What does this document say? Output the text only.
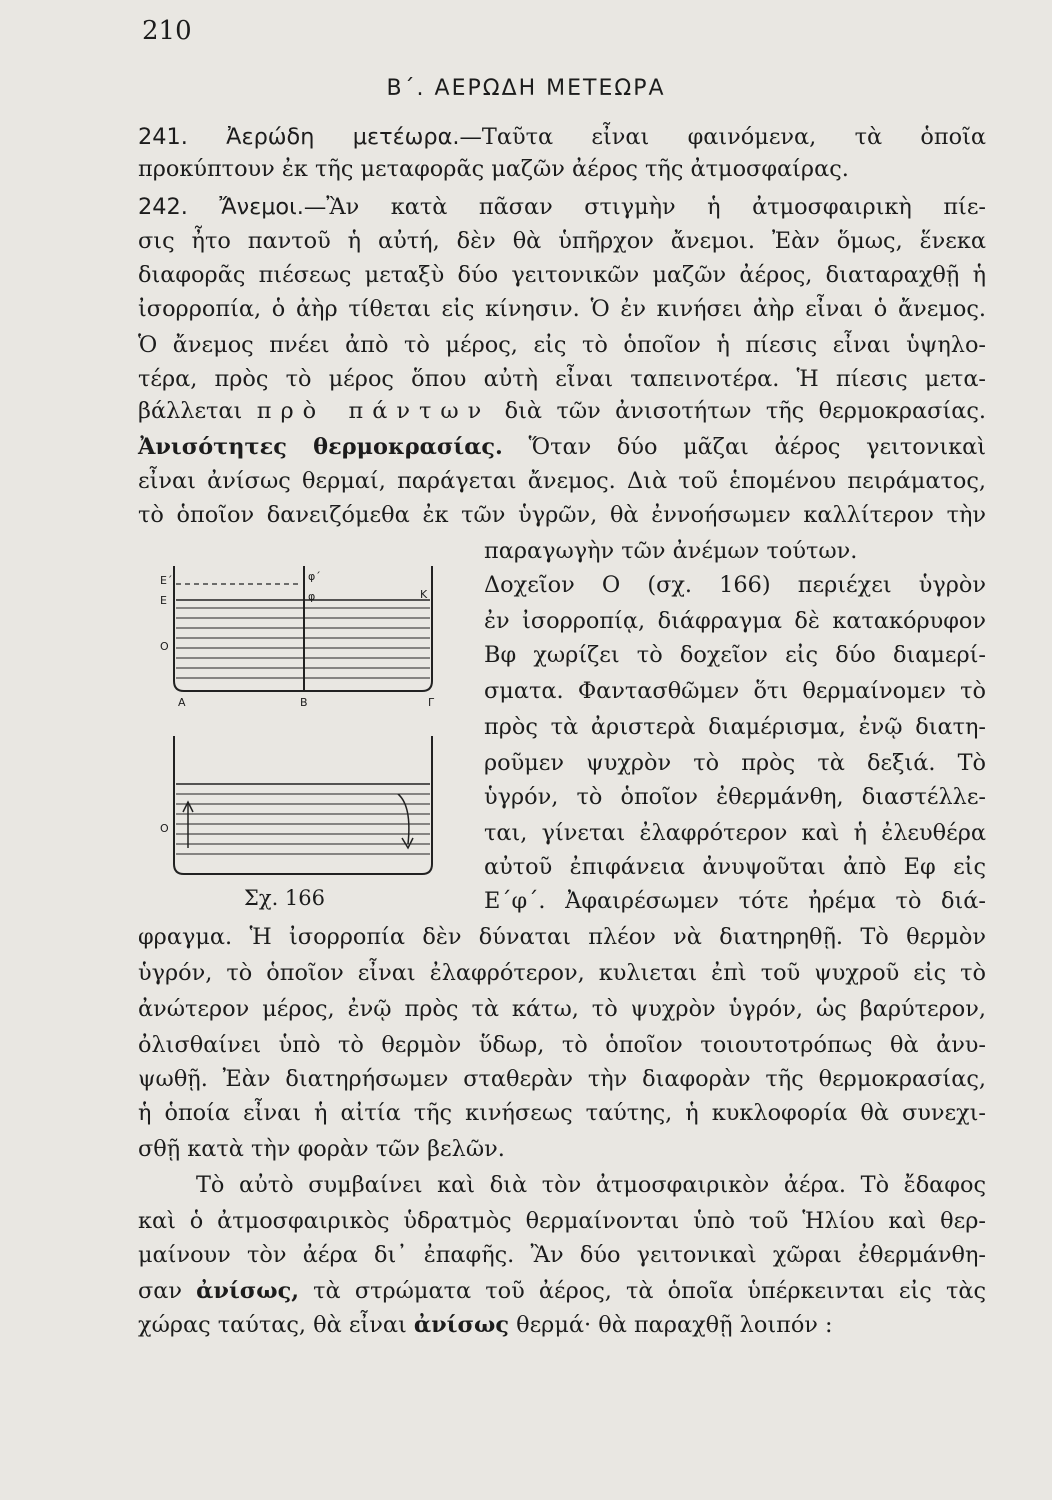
210
Β΄. ΑΕΡΩΔΗ ΜΕΤΕΩΡΑ
241. Ἀερώδη μετέωρα.—Ταῦτα εἶναι φαινόμενα, τὰ ὁποῖα
προκύπτουν ἐκ τῆς μεταφορᾶς μαζῶν ἀέρος τῆς ἀτμοσφαίρας.
242. Ἄνεμοι.—Ἂν κατὰ πᾶσαν στιγμὴν ἡ ἀτμοσφαιρικὴ πίε-
σις ἦτο παντοῦ ἡ αὐτή, δὲν θὰ ὑπῆρχον ἄνεμοι. Ἐὰν ὅμως, ἕνεκα
διαφορᾶς πιέσεως μεταξὺ δύο γειτονικῶν μαζῶν ἀέρος, διαταραχθῇ ἡ
ἰσορροπία, ὁ ἀὴρ τίθεται εἰς κίνησιν. Ὁ ἐν κινήσει ἀὴρ εἶναι ὁ ἄνεμος.
Ὁ ἄνεμος πνέει ἀπὸ τὸ μέρος, εἰς τὸ ὁποῖον ἡ πίεσις εἶναι ὑψηλο-
τέρα, πρὸς τὸ μέρος ὅπου αὐτὴ εἶναι ταπεινοτέρα. Ἡ πίεσις μετα-
βάλλεται πρὸ πάντων διὰ τῶν ἀνισοτήτων τῆς θερμοκρασίας.
Ἀνισότητες θερμοκρασίας. Ὅταν δύο μᾶζαι ἀέρος γειτονικαὶ
εἶναι ἀνίσως θερμαί, παράγεται ἄνεμος. Διὰ τοῦ ἑπομένου πειράματος,
τὸ ὁποῖον δανειζόμεθα ἐκ τῶν ὑγρῶν, θὰ ἐννοήσωμεν καλλίτερον τὴν
παραγωγὴν τῶν ἀνέμων τούτων.
Δοχεῖον Ο (σχ. 166) περιέχει ὑγρὸν
ἐν ἰσορροπίᾳ, διάφραγμα δὲ κατακόρυφον
Βφ χωρίζει τὸ δοχεῖον εἰς δύο διαμερί-
σματα. Φαντασθῶμεν ὅτι θερμαίνομεν τὸ
πρὸς τὰ ἀριστερὰ διαμέρισμα, ἐνῷ διατη-
ροῦμεν ψυχρὸν τὸ πρὸς τὰ δεξιά. Τὸ
ὑγρόν, τὸ ὁποῖον ἐθερμάνθη, διαστέλλε-
ται, γίνεται ἐλαφρότερον καὶ ἡ ἐλευθέρα
αὐτοῦ ἐπιφάνεια ἀνυψοῦται ἀπὸ Εφ εἰς
Ε΄φ΄. Ἀφαιρέσωμεν τότε ἠρέμα τὸ διά-
φραγμα. Ἡ ἰσορροπία δὲν δύναται πλέον νὰ διατηρηθῇ. Τὸ θερμὸν
ὑγρόν, τὸ ὁποῖον εἶναι ἐλαφρότερον, κυλιεται ἐπὶ τοῦ ψυχροῦ εἰς τὸ
ἀνώτερον μέρος, ἐνῷ πρὸς τὰ κάτω, τὸ ψυχρὸν ὑγρόν, ὡς βαρύτερον,
ὀλισθαίνει ὑπὸ τὸ θερμὸν ὕδωρ, τὸ ὁποῖον τοιουτοτρόπως θὰ ἀνυ-
ψωθῇ. Ἐὰν διατηρήσωμεν σταθερὰν τὴν διαφορὰν τῆς θερμοκρασίας,
ἡ ὁποία εἶναι ἡ αἰτία τῆς κινήσεως ταύτης, ἡ κυκλοφορία θὰ συνεχι-
σθῇ κατὰ τὴν φορὰν τῶν βελῶν.
Τὸ αὐτὸ συμβαίνει καὶ διὰ τὸν ἀτμοσφαιρικὸν ἀέρα. Τὸ ἔδαφος
καὶ ὁ ἀτμοσφαιρικὸς ὑδρατμὸς θερμαίνονται ὑπὸ τοῦ Ἡλίου καὶ θερ-
μαίνουν τὸν ἀέρα δι᾽ ἐπαφῆς. Ἂν δύο γειτονικαὶ χῶραι ἐθερμάνθη-
σαν ἀνίσως, τὰ στρώματα τοῦ ἀέρος, τὰ ὁποῖα ὑπέρκεινται εἰς τὰς
χώρας ταύτας, θὰ εἶναι ἀνίσως θερμά· θὰ παραχθῇ λοιπόν :
Ε΄
Ε
Ο
Α	Β	Γ
φ΄
φ	Κ
Ο
Σχ. 166
